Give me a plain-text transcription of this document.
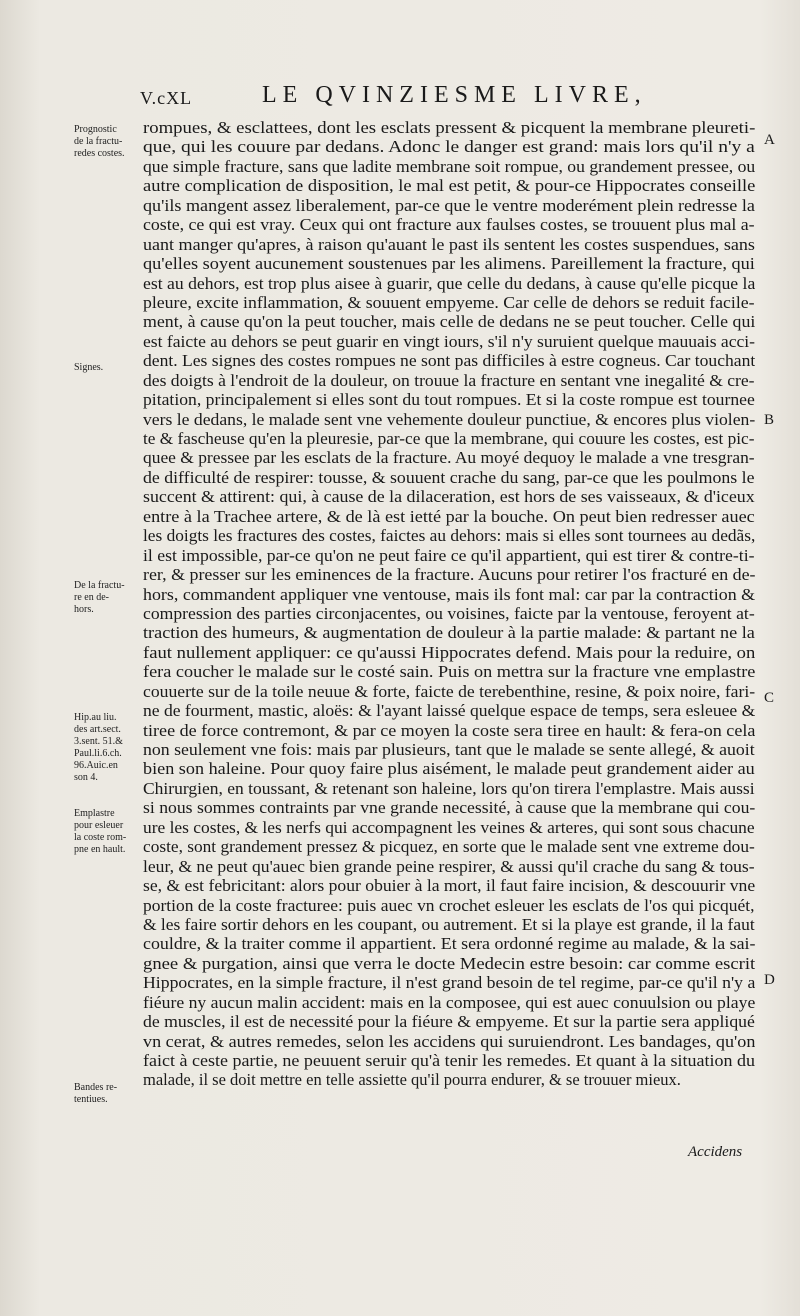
V.cXL	LE QVINZIESME LIVRE,
Prognostic
de la fractu-
redes costes.
Signes.
De la fractu-
re en de-
hors.
Hip.au liu.
des art.sect.
3.sent. 51.&
Paul.li.6.ch.
96.Auic.en
son 4.
Emplastre
pour esleuer
la coste rom-
pne en hault.
Bandes re-
tentiues.
A
B
C
D
rompues, & esclattees, dont les esclats pressent & picquent la membrane pleureti-
que, qui les couure par dedans. Adonc le danger est grand: mais lors qu'il n'y a
que simple fracture, sans que ladite membrane soit rompue, ou grandement pressee, ou
autre complication de disposition, le mal est petit, & pour-ce Hippocrates conseille
qu'ils mangent assez liberalement, par-ce que le ventre moderément plein redresse la
coste, ce qui est vray. Ceux qui ont fracture aux faulses costes, se trouuent plus mal a-
uant manger qu'apres, à raison qu'auant le past ils sentent les costes suspendues, sans
qu'elles soyent aucunement soustenues par les alimens. Pareillement la fracture, qui
est au dehors, est trop plus aisee à guarir, que celle du dedans, à cause qu'elle picque la
pleure, excite inflammation, & souuent empyeme. Car celle de dehors se reduit facile-
ment, à cause qu'on la peut toucher, mais celle de dedans ne se peut toucher. Celle qui
est faicte au dehors se peut guarir en vingt iours, s'il n'y suruient quelque mauuais acci-
dent. Les signes des costes rompues ne sont pas difficiles à estre cogneus. Car touchant
des doigts à l'endroit de la douleur, on trouue la fracture en sentant vne inegalité & cre-
pitation, principalement si elles sont du tout rompues. Et si la coste rompue est tournee
vers le dedans, le malade sent vne vehemente douleur punctiue, & encores plus violen-
te & fascheuse qu'en la pleuresie, par-ce que la membrane, qui couure les costes, est pic-
quee & pressee par les esclats de la fracture. Au moyé dequoy le malade a vne tresgran-
de difficulté de respirer: tousse, & souuent crache du sang, par-ce que les poulmons le
succent & attirent: qui, à cause de la dilaceration, est hors de ses vaisseaux, & d'iceux
entre à la Trachee artere, & de là est ietté par la bouche. On peut bien redresser auec
les doigts les fractures des costes, faictes au dehors: mais si elles sont tournees au dedãs,
il est impossible, par-ce qu'on ne peut faire ce qu'il appartient, qui est tirer & contre-ti-
rer, & presser sur les eminences de la fracture. Aucuns pour retirer l'os fracturé en de-
hors, commandent appliquer vne ventouse, mais ils font mal: car par la contraction &
compression des parties circonjacentes, ou voisines, faicte par la ventouse, feroyent at-
traction des humeurs, & augmentation de douleur à la partie malade: & partant ne la
faut nullement appliquer: ce qu'aussi Hippocrates defend. Mais pour la reduire, on
fera coucher le malade sur le costé sain. Puis on mettra sur la fracture vne emplastre
couuerte sur de la toile neuue & forte, faicte de terebenthine, resine, & poix noire, fari-
ne de fourment, mastic, aloës: & l'ayant laissé quelque espace de temps, sera esleuee &
tiree de force contremont, & par ce moyen la coste sera tiree en hault: & fera-on cela
non seulement vne fois: mais par plusieurs, tant que le malade se sente allegé, & auoit
bien son haleine. Pour quoy faire plus aisément, le malade peut grandement aider au
Chirurgien, en toussant, & retenant son haleine, lors qu'on tirera l'emplastre. Mais aussi
si nous sommes contraints par vne grande necessité, à cause que la membrane qui cou-
ure les costes, & les nerfs qui accompagnent les veines & arteres, qui sont sous chacune
coste, sont grandement pressez & picquez, en sorte que le malade sent vne extreme dou-
leur, & ne peut qu'auec bien grande peine respirer, & aussi qu'il crache du sang & tous-
se, & est febricitant: alors pour obuier à la mort, il faut faire incision, & descouurir vne
portion de la coste fracturee: puis auec vn crochet esleuer les esclats de l'os qui picquét,
& les faire sortir dehors en les coupant, ou autrement. Et si la playe est grande, il la faut
couldre, & la traiter comme il appartient. Et sera ordonné regime au malade, & la sai-
gnee & purgation, ainsi que verra le docte Medecin estre besoin: car comme escrit
Hippocrates, en la simple fracture, il n'est grand besoin de tel regime, par-ce qu'il n'y a
fiéure ny aucun malin accident: mais en la composee, qui est auec conuulsion ou playe
de muscles, il est de necessité pour la fiéure & empyeme. Et sur la partie sera appliqué
vn cerat, & autres remedes, selon les accidens qui suruiendront. Les bandages, qu'on
faict à ceste partie, ne peuuent seruir qu'à tenir les remedes. Et quant à la situation du
malade, il se doit mettre en telle assiette qu'il pourra endurer, & se trouuer mieux.
Accidens
